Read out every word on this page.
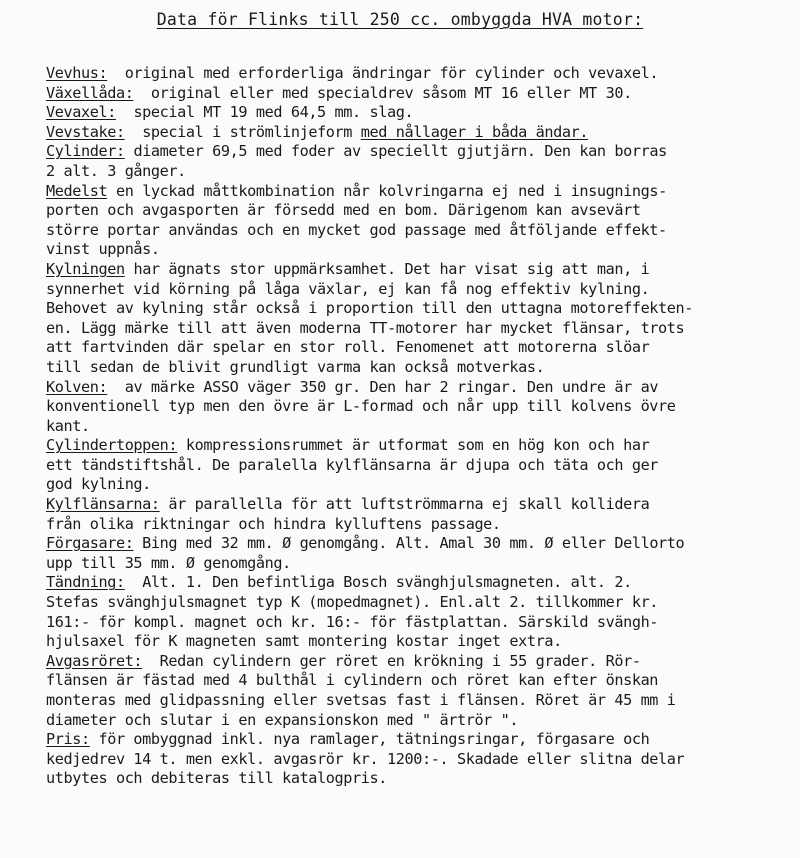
Data för Flinks till 250 cc. ombyggda HVA motor:
Vevhus:  original med erforderliga ändringar för cylinder och vevaxel.
Växellåda:  original eller med specialdrev såsom MT 16 eller MT 30.
Vevaxel:  special MT 19 med 64,5 mm. slag.
Vevstake:  special i strömlinjeform med nållager i båda ändar.
Cylinder: diameter 69,5 med foder av speciellt gjutjärn. Den kan borras
2 alt. 3 gånger.
Medelst en lyckad måttkombination når kolvringarna ej ned i insugnings-
porten och avgasporten är försedd med en bom. Därigenom kan avsevärt
större portar användas och en mycket god passage med åtföljande effekt-
vinst uppnås.
Kylningen har ägnats stor uppmärksamhet. Det har visat sig att man, i
synnerhet vid körning på låga växlar, ej kan få nog effektiv kylning.
Behovet av kylning står också i proportion till den uttagna motoreffekten-
en. Lägg märke till att även moderna TT-motorer har mycket flänsar, trots
att fartvinden där spelar en stor roll. Fenomenet att motorerna slöar
till sedan de blivit grundligt varma kan också motverkas.
Kolven:  av märke ASSO väger 350 gr. Den har 2 ringar. Den undre är av
konventionell typ men den övre är L-formad och når upp till kolvens övre
kant.
Cylindertoppen: kompressionsrummet är utformat som en hög kon och har
ett tändstiftshål. De paralella kylflänsarna är djupa och täta och ger
god kylning.
Kylflänsarna: är parallella för att luftströmmarna ej skall kollidera
från olika riktningar och hindra kylluftens passage.
Förgasare: Bing med 32 mm. Ø genomgång. Alt. Amal 30 mm. Ø eller Dellorto
upp till 35 mm. Ø genomgång.
Tändning:  Alt. 1. Den befintliga Bosch svänghjulsmagneten. alt. 2.
Stefas svänghjulsmagnet typ K (mopedmagnet). Enl.alt 2. tillkommer kr.
161:- för kompl. magnet och kr. 16:- för fästplattan. Särskild svängh-
hjulsaxel för K magneten samt montering kostar inget extra.
Avgasröret:  Redan cylindern ger röret en krökning i 55 grader. Rör-
flänsen är fästad med 4 bulthål i cylindern och röret kan efter önskan
monteras med glidpassning eller svetsas fast i flänsen. Röret är 45 mm i
diameter och slutar i en expansionskon med " ärtrör ".
Pris: för ombyggnad inkl. nya ramlager, tätningsringar, förgasare och
kedjedrev 14 t. men exkl. avgasrör kr. 1200:-. Skadade eller slitna delar
utbytes och debiteras till katalogpris.
